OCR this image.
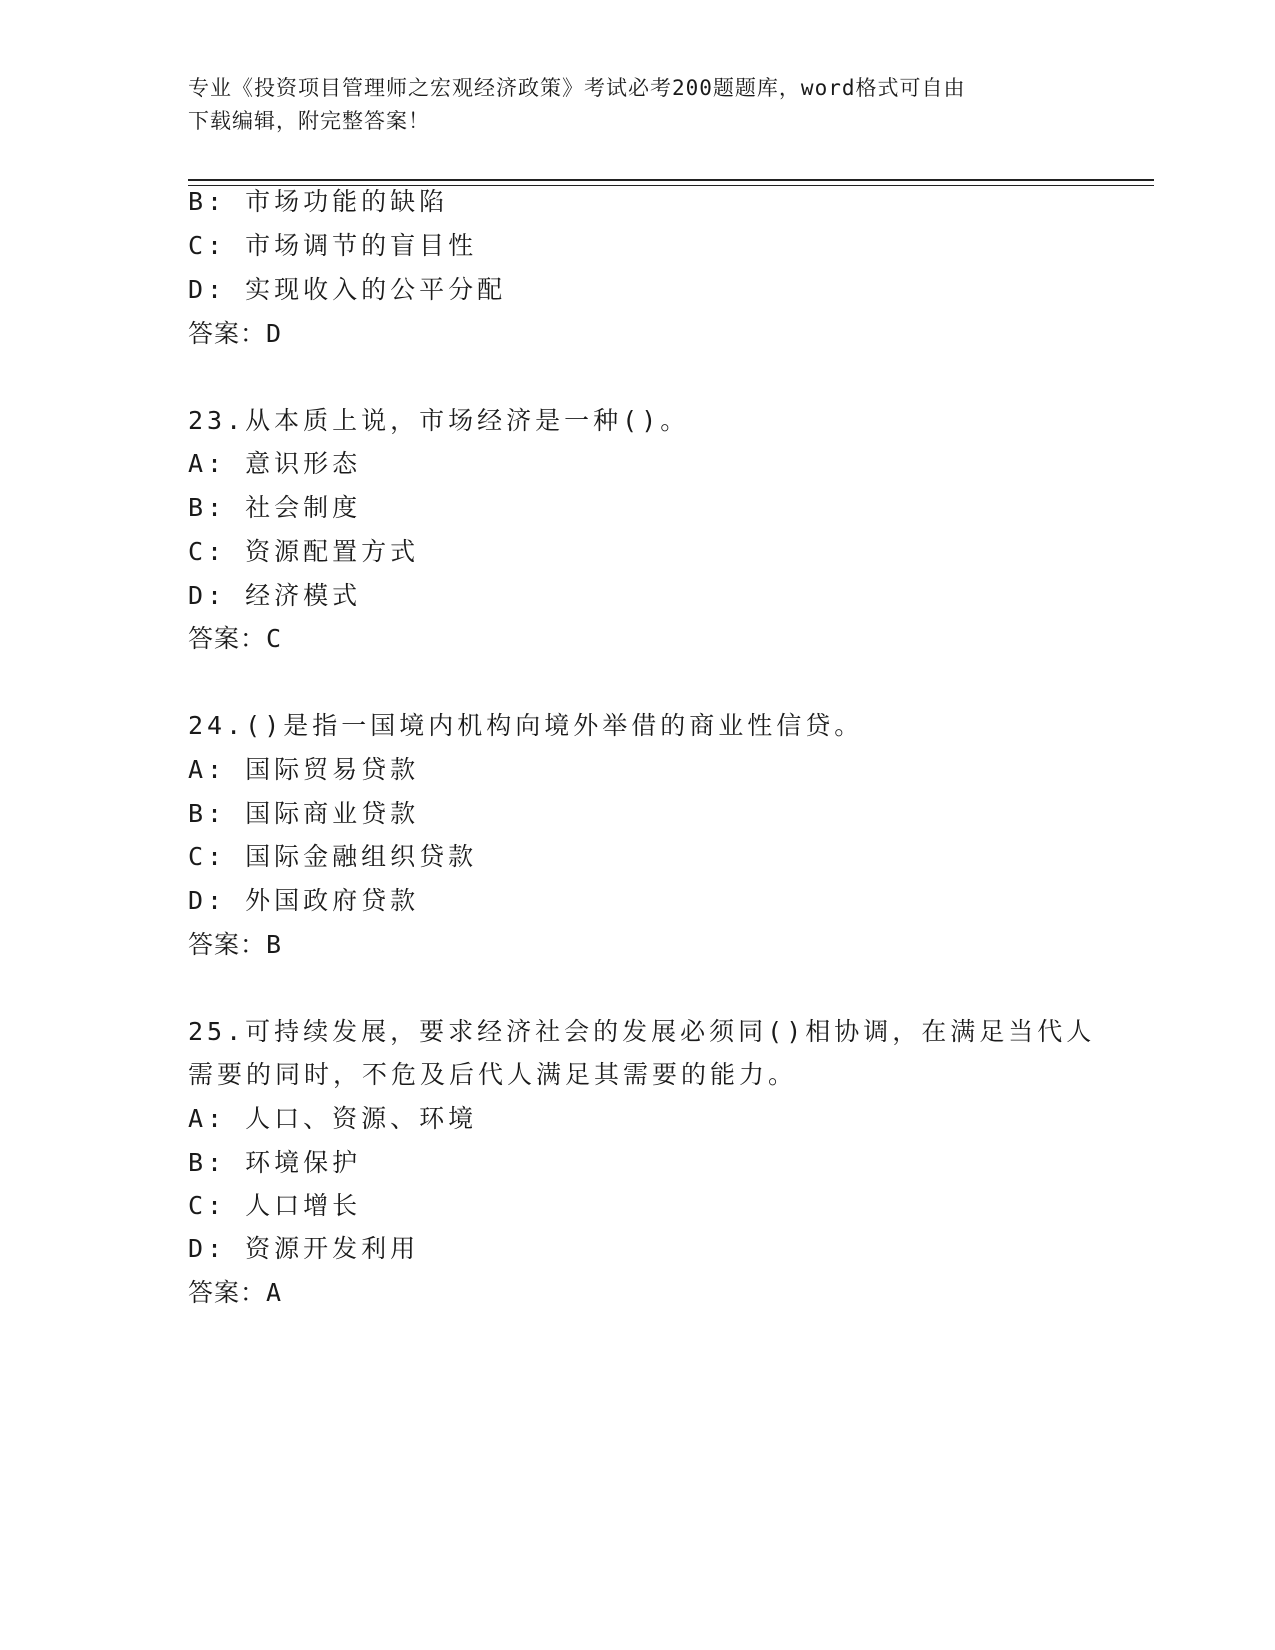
专业《投资项目管理师之宏观经济政策》考试必考200题题库，word格式可自由
下载编辑，附完整答案！
B: 市场功能的缺陷
C: 市场调节的盲目性
D: 实现收入的公平分配
答案：D
23.从本质上说，市场经济是一种()。
A: 意识形态
B: 社会制度
C: 资源配置方式
D: 经济模式
答案：C
24.()是指一国境内机构向境外举借的商业性信贷。
A: 国际贸易贷款
B: 国际商业贷款
C: 国际金融组织贷款
D: 外国政府贷款
答案：B
25.可持续发展，要求经济社会的发展必须同()相协调，在满足当代人
需要的同时，不危及后代人满足其需要的能力。
A: 人口、资源、环境
B: 环境保护
C: 人口增长
D: 资源开发利用
答案：A
